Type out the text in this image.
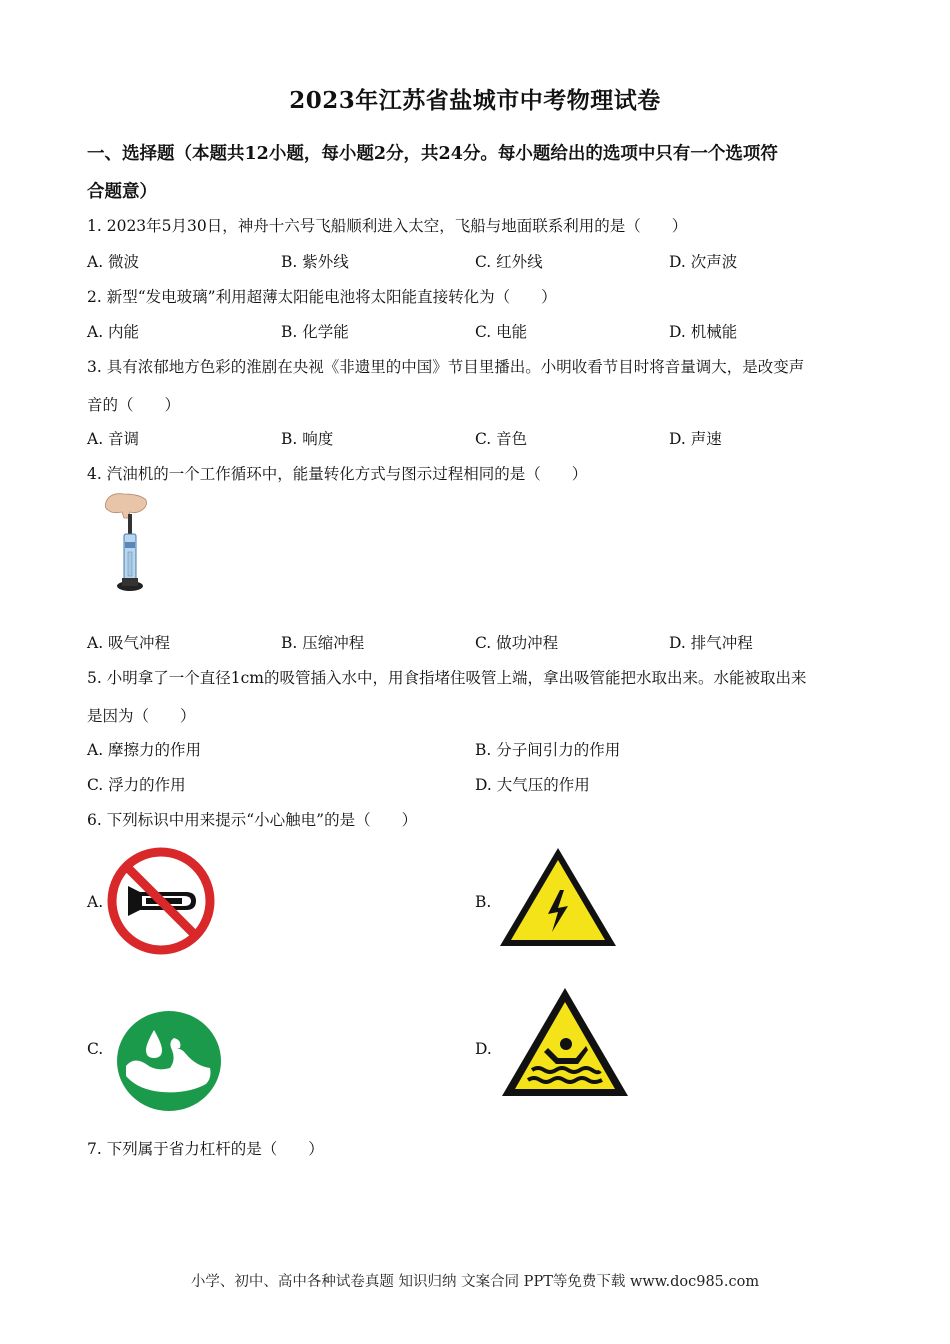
2023年江苏省盐城市中考物理试卷
一、选择题（本题共12小题，每小题2分，共24分。每小题给出的选项中只有一个选项符
合题意）
1. 2023年5月30日，神舟十六号飞船顺利进入太空，飞船与地面联系利用的是（　　）
A. 微波	B. 紫外线	C. 红外线	D. 次声波
2. 新型“发电玻璃”利用超薄太阳能电池将太阳能直接转化为（　　）
A. 内能	B. 化学能	C. 电能	D. 机械能
3. 具有浓郁地方色彩的淮剧在央视《非遗里的中国》节目里播出。小明收看节目时将音量调大，是改变声
音的（　　）
A. 音调	B. 响度	C. 音色	D. 声速
4. 汽油机的一个工作循环中，能量转化方式与图示过程相同的是（　　）
A. 吸气冲程	B. 压缩冲程	C. 做功冲程	D. 排气冲程
5. 小明拿了一个直径1cm的吸管插入水中，用食指堵住吸管上端，拿出吸管能把水取出来。水能被取出来
是因为（　　）
A. 摩擦力的作用	B. 分子间引力的作用
C. 浮力的作用	D. 大气压的作用
6. 下列标识中用来提示“小心触电”的是（　　）
A.	B.
C.	D.
7. 下列属于省力杠杆的是（　　）
小学、初中、高中各种试卷真题 知识归纳 文案合同 PPT等免费下载 www.doc985.com
